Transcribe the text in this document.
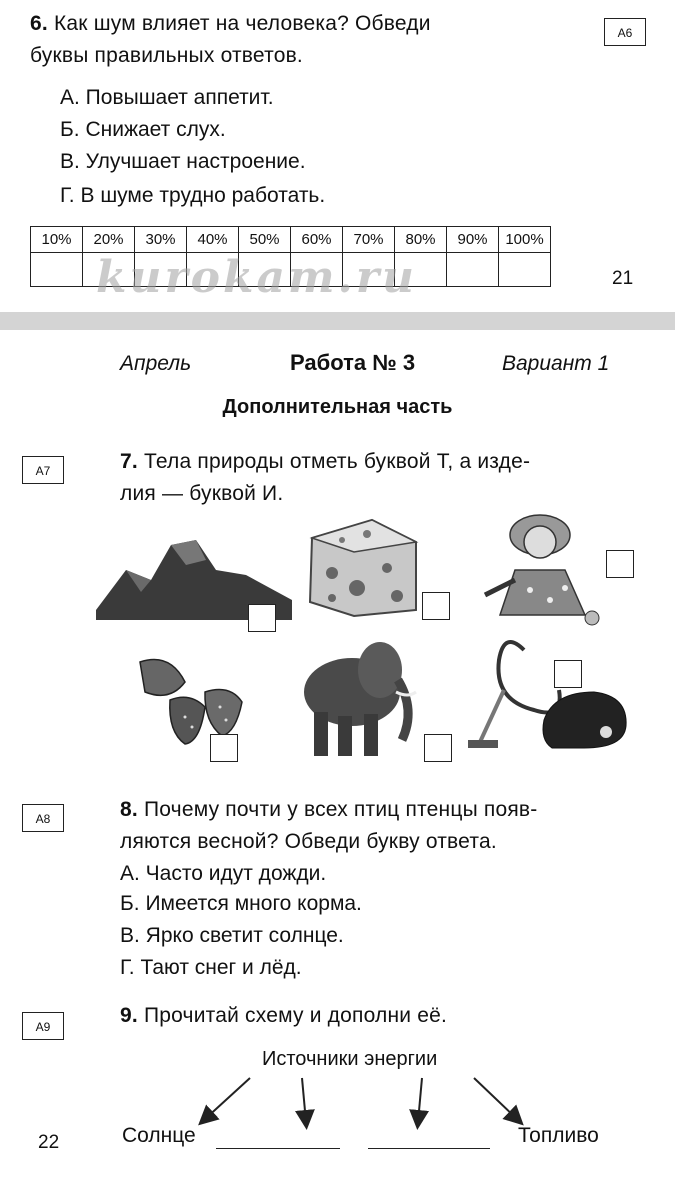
6. Как шум влияет на человека? Обведи
буквы правильных ответов.
А6
А. Повышает аппетит.
Б. Снижает слух.
В. Улучшает настроение.
Г. В шуме трудно работать.
10%	20%	30%	40%	50%	60%	70%	80%	90%	100%

kurokam.ru	21
Апрель	Работа № 3	Вариант 1
Дополнительная часть
А7	7. Тела природы отметь буквой Т, а изде-
лия — буквой И.
А8	8. Почему почти у всех птиц птенцы появ-
ляются весной? Обведи букву ответа.
А. Часто идут дожди.
Б. Имеется много корма.
В. Ярко светит солнце.
Г. Тают снег и лёд.
А9	9. Прочитай схему и дополни её.
Источники энергии
Солнце	Топливо
22
